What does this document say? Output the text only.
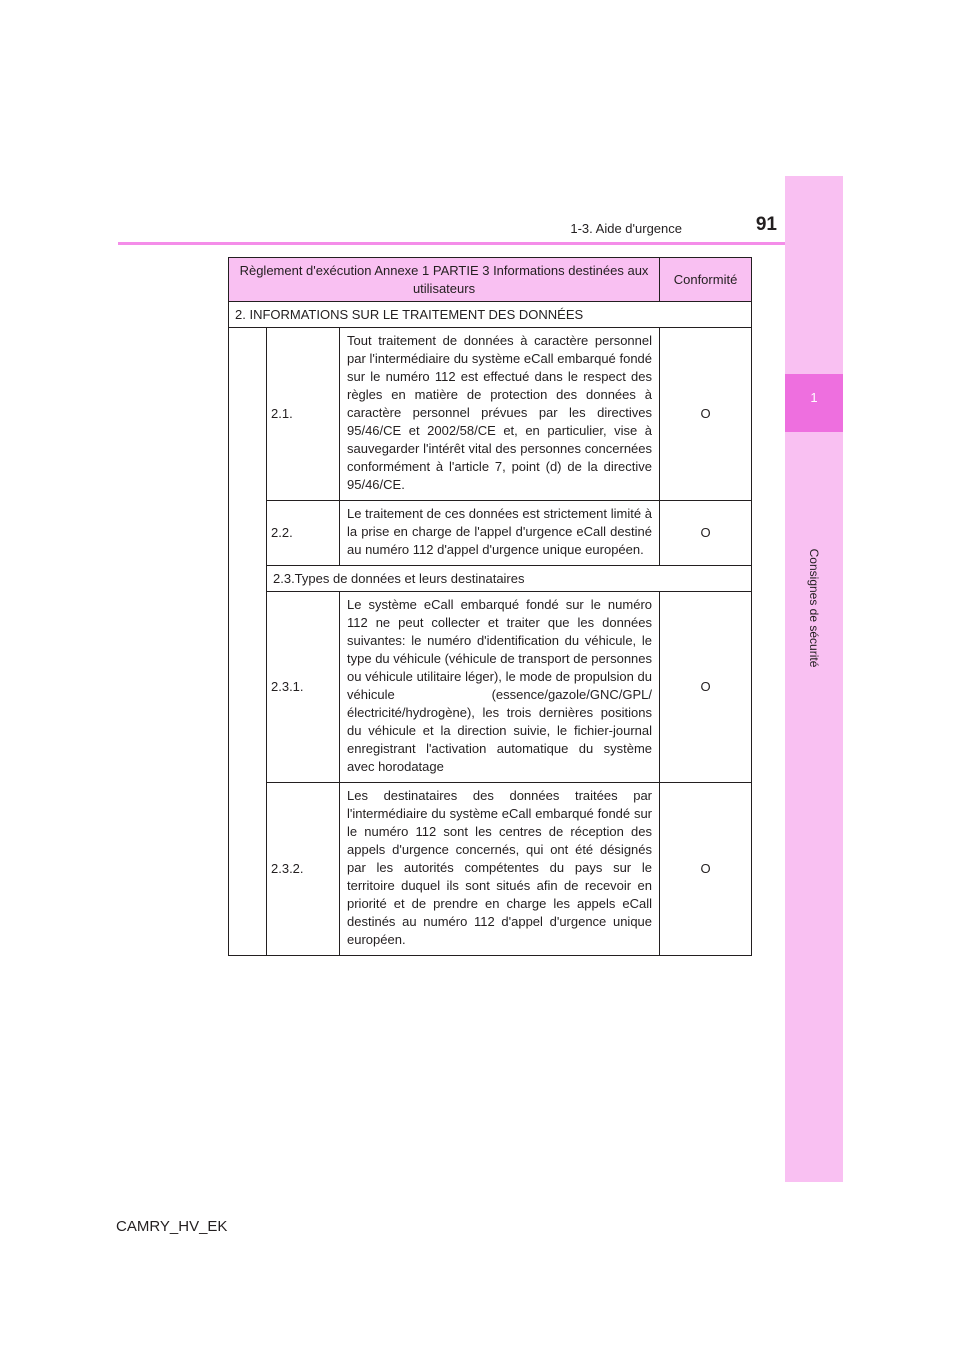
1
Consignes de sécurité
1-3. Aide d'urgence	91
Règlement d'exécution Annexe 1 PARTIE 3 Informations destinées aux utilisateurs			Conformité
2. INFORMATIONS SUR LE TRAITEMENT DES DONNÉES			
	2.1.	Tout traitement de données à caractère personnel par l'intermédiaire du système eCall embarqué fondé sur le numéro 112 est effectué dans le respect des règles en matière de protection des données à caractère personnel prévues par les directives 95/46/CE et 2002/58/CE et, en particulier, vise à sauvegarder l'intérêt vital des personnes concernées conformément à l'article 7, point (d) de la directive 95/46/CE.	O
	2.2.	Le traitement de ces données est strictement limité à la prise en charge de l'appel d'urgence eCall destiné au numéro 112 d'appel d'urgence unique européen.	O
	2.3.Types de données et leurs destinataires		
	2.3.1.	Le système eCall embarqué fondé sur le numéro 112 ne peut collecter et traiter que les données suivantes: le numéro d'identification du véhicule, le type du véhicule (véhicule de transport de personnes ou véhicule utilitaire léger), le mode de propulsion du véhicule (essence/gazole/GNC/GPL/électricité/hydrogène), les trois dernières positions du véhicule et la direction suivie, le fichier-journal enregistrant l'activation automatique du système avec horodatage	O
	2.3.2.	Les destinataires des données traitées par l'intermédiaire du système eCall embarqué fondé sur le numéro 112 sont les centres de réception des appels d'urgence concernés, qui ont été désignés par les autorités compétentes du pays sur le territoire duquel ils sont situés afin de recevoir en priorité et de prendre en charge les appels eCall destinés au numéro 112 d'appel d'urgence unique européen.	O
CAMRY_HV_EK
